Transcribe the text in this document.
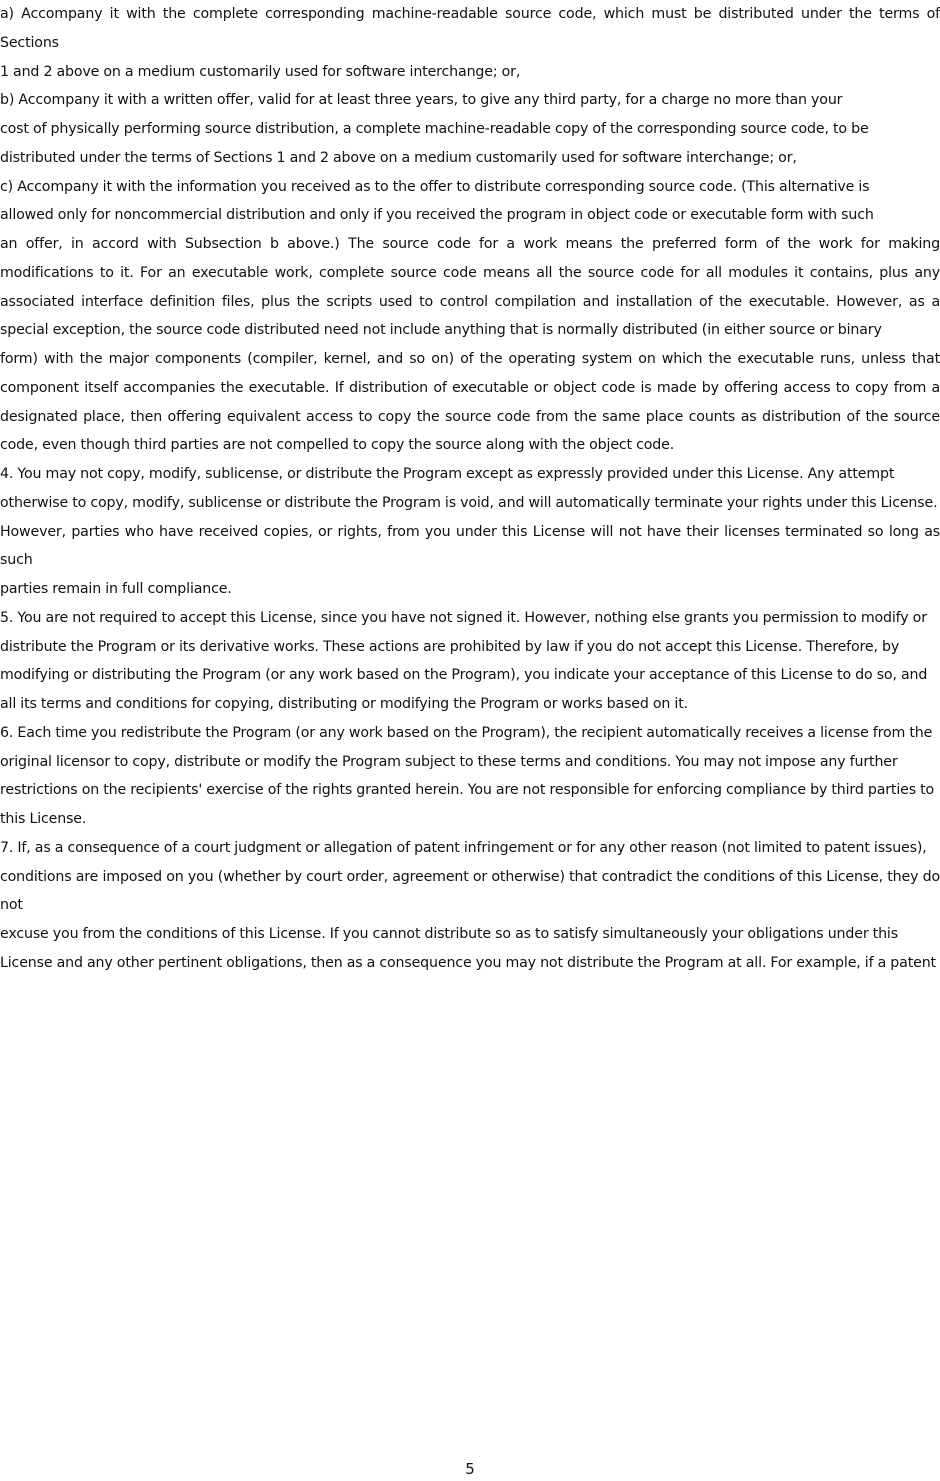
a) Accompany it with the complete corresponding machine-readable source code, which must be distributed under the terms of Sections

1 and 2 above on a medium customarily used for software interchange; or,

b) Accompany it with a written offer, valid for at least three years, to give any third party, for a charge no more than your

cost of physically performing source distribution, a complete machine-readable copy of the corresponding source code, to be

distributed under the terms of Sections 1 and 2 above on a medium customarily used for software interchange; or,

c) Accompany it with the information you received as to the offer to distribute corresponding source code. (This alternative is

allowed only for noncommercial distribution and only if you received the program in object code or executable form with such

an offer, in accord with Subsection b above.) The source code for a work means the preferred form of the work for making modifications to it. For an executable work, complete source code means all the source code for all modules it contains, plus any associated interface definition files, plus the scripts used to control compilation and installation of the executable. However, as a special exception, the source code distributed need not include anything that is normally distributed (in either source or binary

form) with the major components (compiler, kernel, and so on) of the operating system on which the executable runs, unless that component itself accompanies the executable. If distribution of executable or object code is made by offering access to copy from a designated place, then offering equivalent access to copy the source code from the same place counts as distribution of the source code, even though third parties are not compelled to copy the source along with the object code.

4. You may not copy, modify, sublicense, or distribute the Program except as expressly provided under this License. Any attempt

otherwise to copy, modify, sublicense or distribute the Program is void, and will automatically terminate your rights under this License.

However, parties who have received copies, or rights, from you under this License will not have their licenses terminated so long as such

parties remain in full compliance.

5. You are not required to accept this License, since you have not signed it. However, nothing else grants you permission to modify or

distribute the Program or its derivative works. These actions are prohibited by law if you do not accept this License. Therefore, by

modifying or distributing the Program (or any work based on the Program), you indicate your acceptance of this License to do so, and

all its terms and conditions for copying, distributing or modifying the Program or works based on it.

6. Each time you redistribute the Program (or any work based on the Program), the recipient automatically receives a license from the

original licensor to copy, distribute or modify the Program subject to these terms and conditions. You may not impose any further

restrictions on the recipients' exercise of the rights granted herein. You are not responsible for enforcing compliance by third parties to

this License.

7. If, as a consequence of a court judgment or allegation of patent infringement or for any other reason (not limited to patent issues),

conditions are imposed on you (whether by court order, agreement or otherwise) that contradict the conditions of this License, they do not

excuse you from the conditions of this License. If you cannot distribute so as to satisfy simultaneously your obligations under this

License and any other pertinent obligations, then as a consequence you may not distribute the Program at all. For example, if a patent

5
